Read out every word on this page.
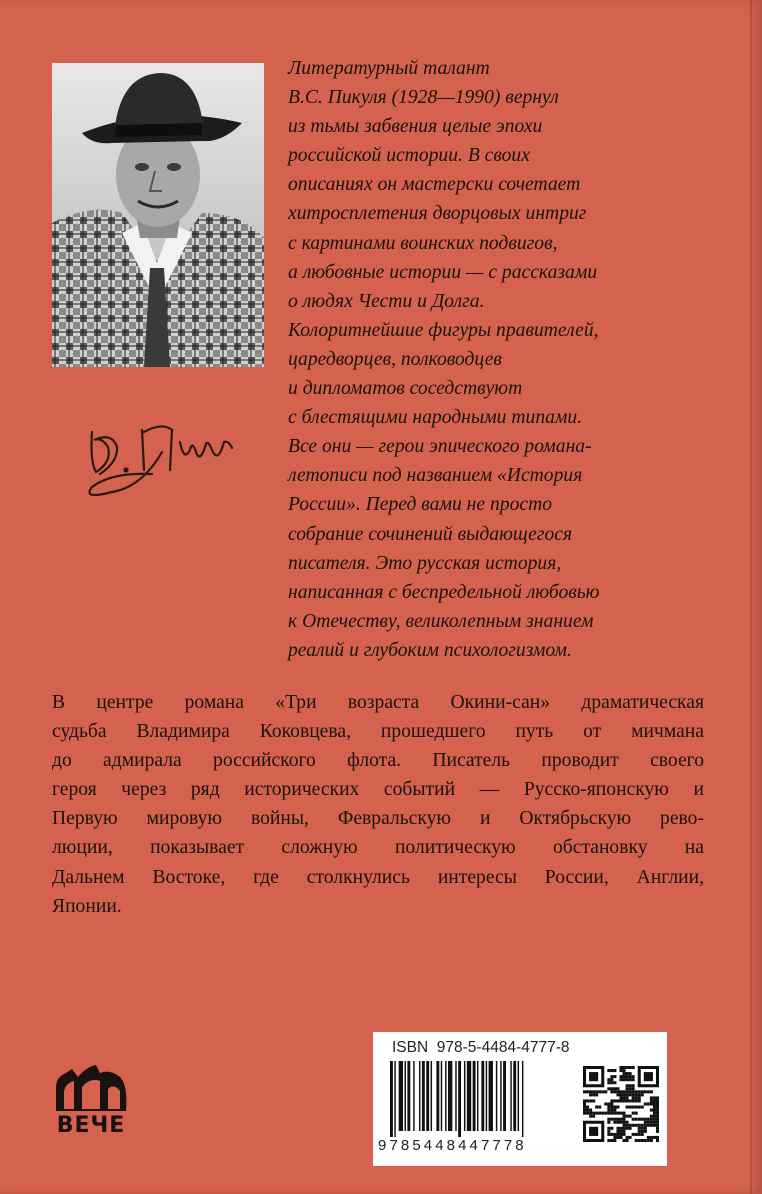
Литературный талант
В.С. Пикуля (1928—1990) вернул
из тьмы забвения целые эпохи
российской истории. В своих
описаниях он мастерски сочетает
хитросплетения дворцовых интриг
с картинами воинских подвигов,
а любовные истории — с рассказами
о людях Чести и Долга.
Колоритнейшие фигуры правителей,
царедворцев, полководцев
и дипломатов соседствуют
с блестящими народными типами.
Все они — герои эпического романа-
летописи под названием «История
России». Перед вами не просто
собрание сочинений выдающегося
писателя. Это русская история,
написанная с беспредельной любовью
к Отечеству, великолепным знанием
реалий и глубоким психологизмом.

В центре романа «Три возраста Окини-сан» драматическая
судьба Владимира Коковцева, прошедшего путь от мичмана
до адмирала российского флота. Писатель проводит своего
героя через ряд исторических событий — Русско-японскую и
Первую мировую войны, Февральскую и Октябрьскую рево-
люции, показывает сложную политическую обстановку на
Дальнем Востоке, где столкнулись интересы России, Англии,
Японии.

ВЕЧЕ
ISBN  978-5-4484-4777-8
9785448447778
